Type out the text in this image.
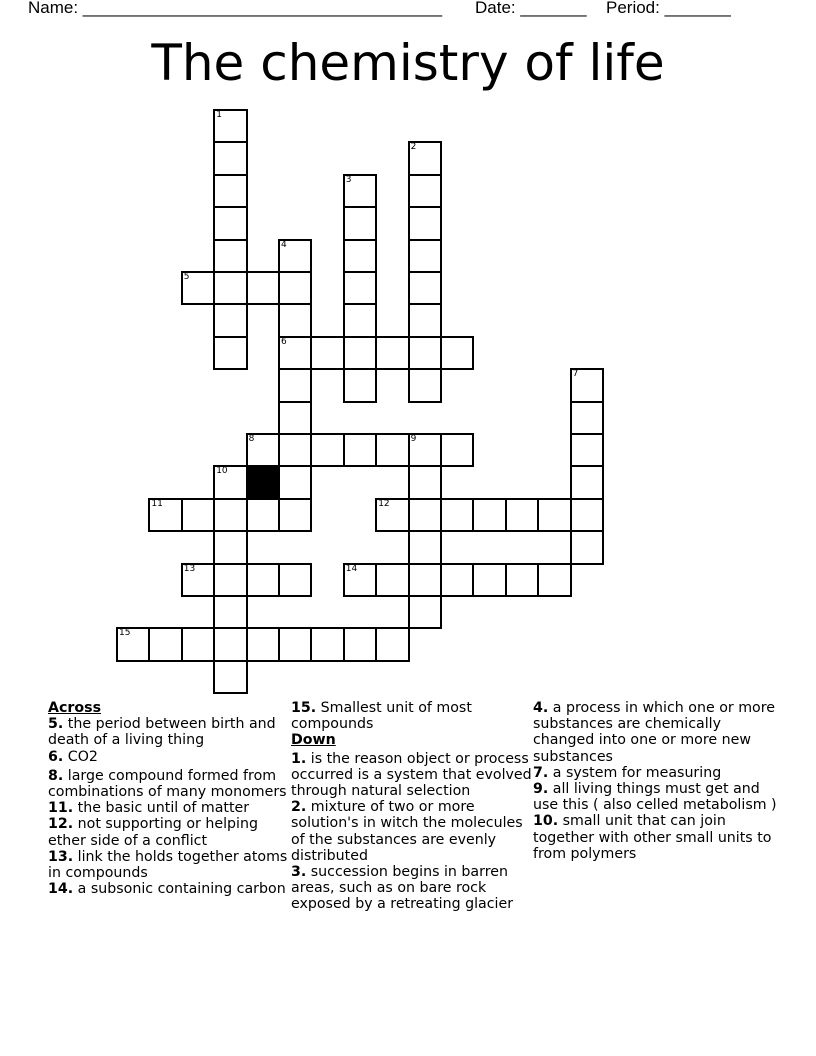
Name: ______________________________________ Date: _______ Period: _______
The chemistry of life
1
2
3
4
6
5
7
8	9
10
11	12
13	14
15
Across
5. the period between birth and death of a living thing
6. CO2
8. large compound formed from combinations of many monomers
11. the basic until of matter
12. not supporting or helping ether side of a conflict
13. link the holds together atoms in compounds
14. a subsonic containing carbon
15. Smallest unit of most compounds
Down
1. is the reason object or process occurred is a system that evolved through natural selection
2. mixture of two or more solution's in witch the molecules of the substances are evenly distributed
3. succession begins in barren areas, such as on bare rock exposed by a retreating glacier
4. a process in which one or more substances are chemically changed into one or more new substances
7. a system for measuring
9. all living things must get and use this ( also celled metabolism )
10. small unit that can join together with other small units to from polymers
